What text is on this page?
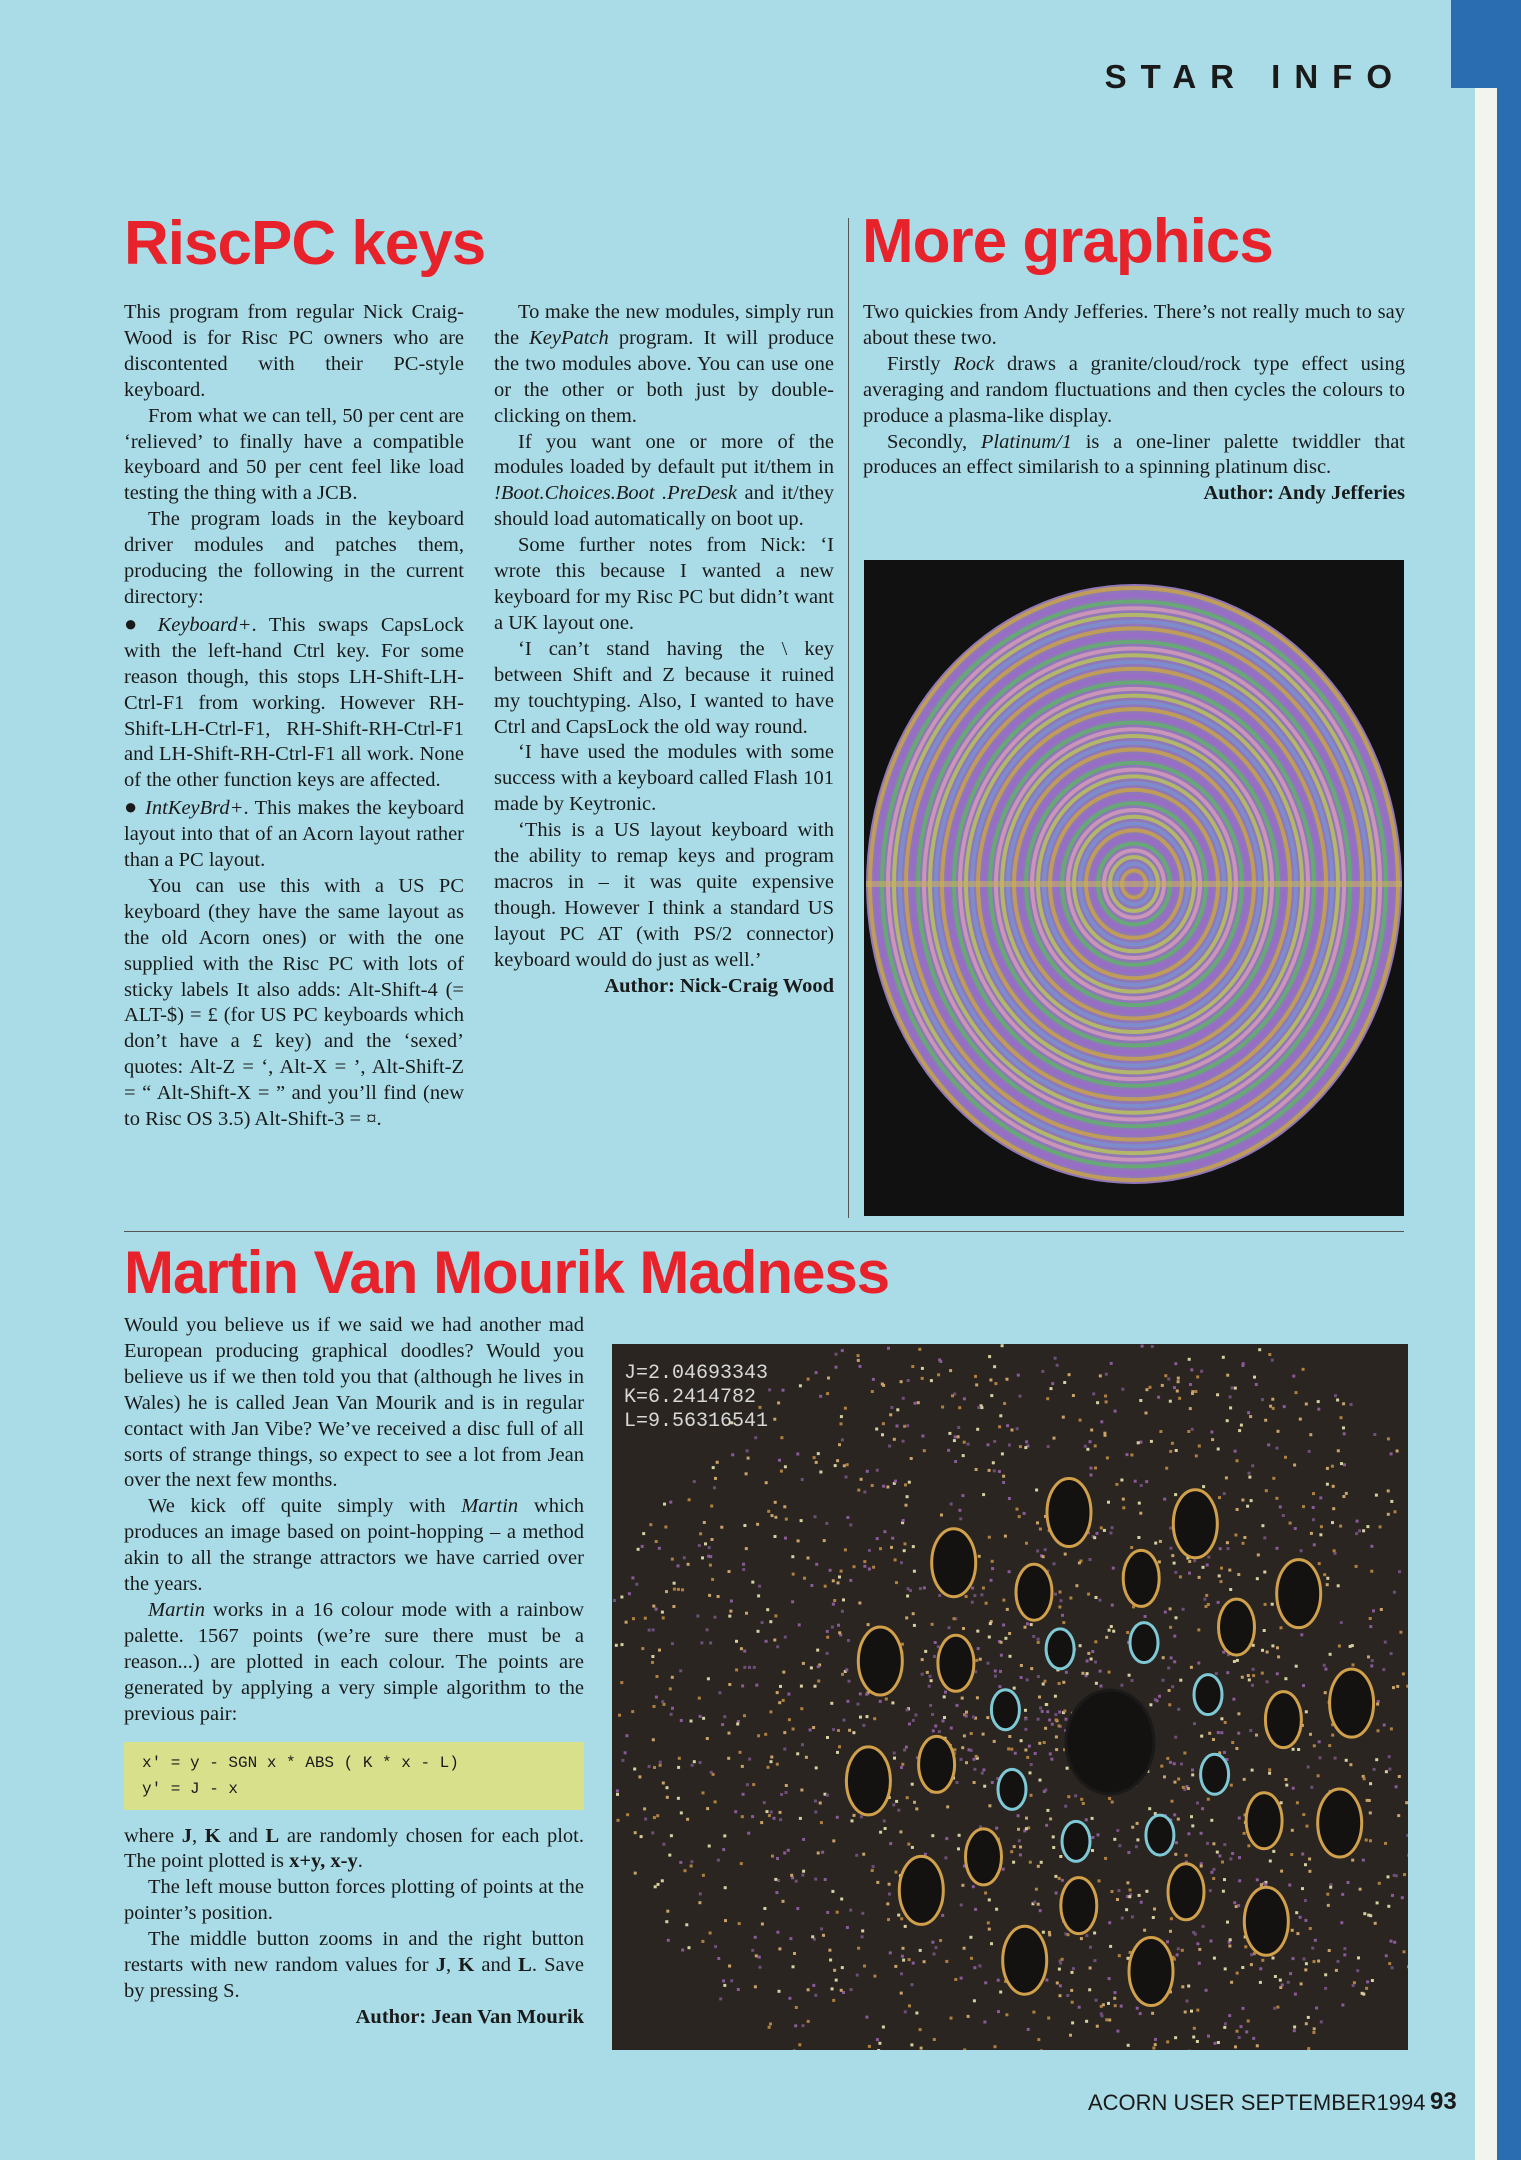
STAR INFO
RiscPC keys

This program from regular Nick Craig-Wood is for Risc PC owners who are discontented with their PC-style keyboard.

From what we can tell, 50 per cent are ‘relieved’ to finally have a compatible keyboard and 50 per cent feel like load testing the thing with a JCB.

The program loads in the keyboard driver modules and patches them, producing the following in the current directory:

● Keyboard+. This swaps CapsLock with the left-hand Ctrl key. For some reason though, this stops LH-Shift-LH-Ctrl-F1 from working. However RH-Shift-LH-Ctrl-F1, RH-Shift-RH-Ctrl-F1 and LH-Shift-RH-Ctrl-F1 all work. None of the other function keys are affected.

● IntKeyBrd+. This makes the keyboard layout into that of an Acorn layout rather than a PC layout.

You can use this with a US PC keyboard (they have the same layout as the old Acorn ones) or with the one supplied with the Risc PC with lots of sticky labels It also adds: Alt-Shift-4 (= ALT-$) = £ (for US PC keyboards which don’t have a £ key) and the ‘sexed’ quotes: Alt-Z = ‘, Alt-X = ’, Alt-Shift-Z = “ Alt-Shift-X = ” and you’ll find (new to Risc OS 3.5) Alt-Shift-3 = ¤.

To make the new modules, simply run the KeyPatch program. It will produce the two modules above. You can use one or the other or both just by double-clicking on them.

If you want one or more of the modules loaded by default put it/them in !Boot.Choices.Boot .PreDesk and it/they should load automatically on boot up.

Some further notes from Nick: ‘I wrote this because I wanted a new keyboard for my Risc PC but didn’t want a UK layout one.

‘I can’t stand having the \ key between Shift and Z because it ruined my touchtyping. Also, I wanted to have Ctrl and CapsLock the old way round.

‘I have used the modules with some success with a keyboard called Flash 101 made by Keytronic.

‘This is a US layout keyboard with the ability to remap keys and program macros in – it was quite expensive though. However I think a standard US layout PC AT (with PS/2 connector) keyboard would do just as well.’

Author: Nick-Craig Wood

More graphics

Two quickies from Andy Jefferies. There’s not really much to say about these two.

Firstly Rock draws a granite/cloud/rock type effect using averaging and random fluctuations and then cycles the colours to produce a plasma-like display.

Secondly, Platinum/1 is a one-liner palette twiddler that produces an effect similarish to a spinning platinum disc.

Author: Andy Jefferies

Martin Van Mourik Madness

Would you believe us if we said we had another mad European producing graphical doodles? Would you believe us if we then told you that (although he lives in Wales) he is called Jean Van Mourik and is in regular contact with Jan Vibe? We’ve received a disc full of all sorts of strange things, so expect to see a lot from Jean over the next few months.

We kick off quite simply with Martin which produces an image based on point-hopping – a method akin to all the strange attractors we have carried over the years.

Martin works in a 16 colour mode with a rainbow palette. 1567 points (we’re sure there must be a reason...) are plotted in each colour. The points are generated by applying a very simple algorithm to the previous pair:

x' = y - SGN x * ABS ( K * x - L)
y' = J - x

where J, K and L are randomly chosen for each plot. The point plotted is x+y, x-y.

The left mouse button forces plotting of points at the pointer’s position.

The middle button zooms in and the right button restarts with new random values for J, K and L. Save by pressing S.

Author: Jean Van Mourik

J=2.04693343
K=6.2414782
L=9.56316541
ACORN USER SEPTEMBER1994 93
